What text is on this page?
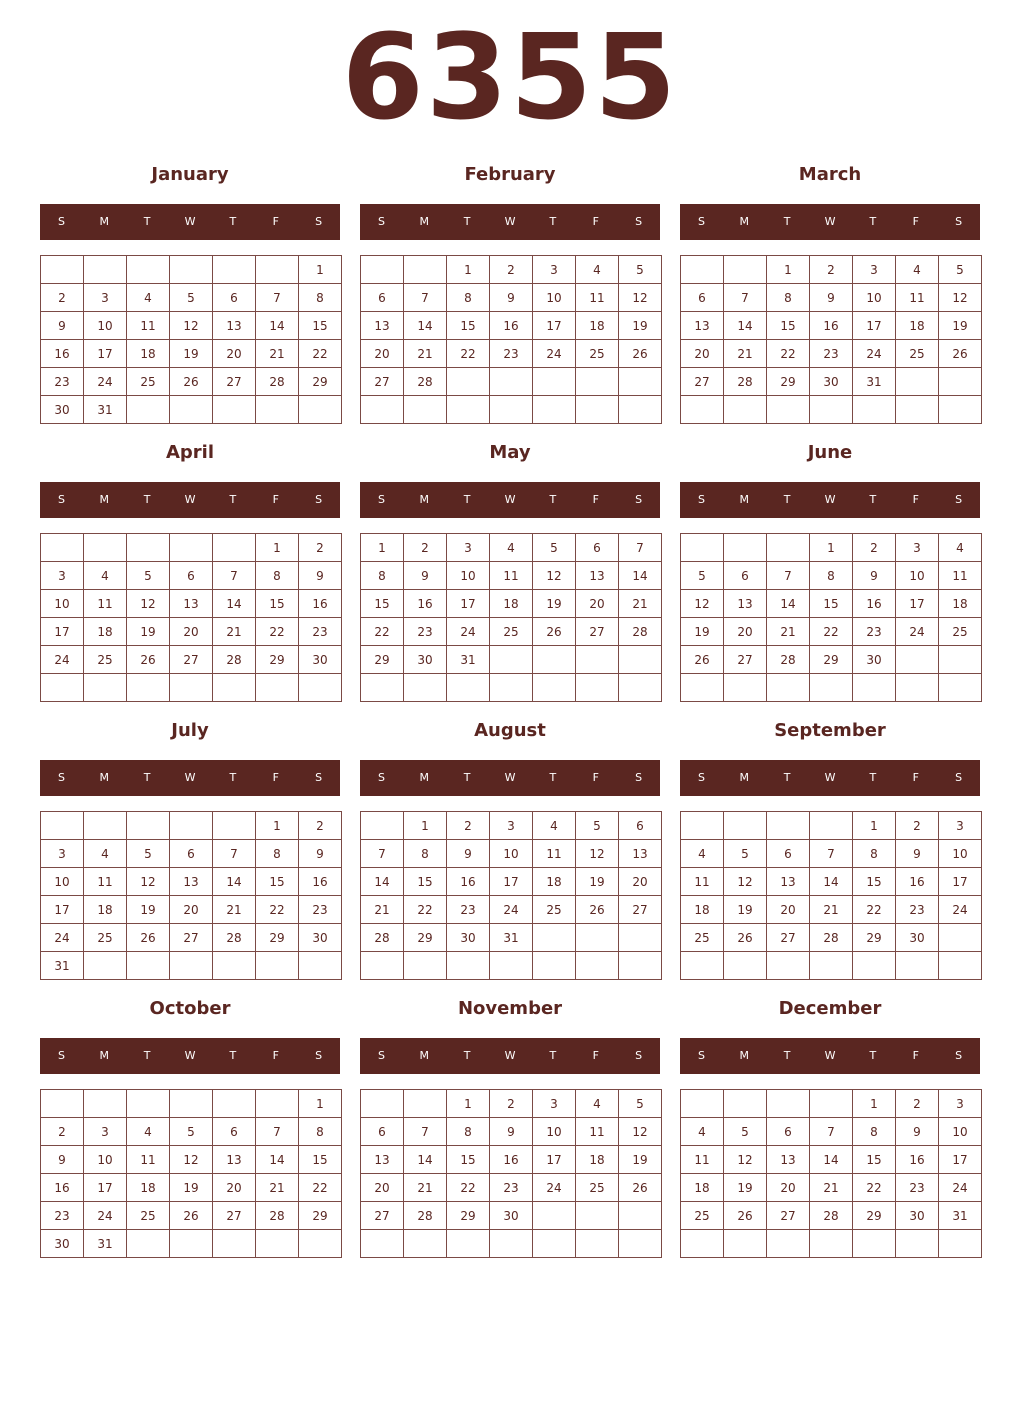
6355
January
S	M	T	W	T	F	S
						1
2	3	4	5	6	7	8
9	10	11	12	13	14	15
16	17	18	19	20	21	22
23	24	25	26	27	28	29
30	31					
February
S	M	T	W	T	F	S
		1	2	3	4	5
6	7	8	9	10	11	12
13	14	15	16	17	18	19
20	21	22	23	24	25	26
27	28					

March
S	M	T	W	T	F	S
		1	2	3	4	5
6	7	8	9	10	11	12
13	14	15	16	17	18	19
20	21	22	23	24	25	26
27	28	29	30	31		

April
S	M	T	W	T	F	S
					1	2
3	4	5	6	7	8	9
10	11	12	13	14	15	16
17	18	19	20	21	22	23
24	25	26	27	28	29	30

May
S	M	T	W	T	F	S
1	2	3	4	5	6	7
8	9	10	11	12	13	14
15	16	17	18	19	20	21
22	23	24	25	26	27	28
29	30	31				

June
S	M	T	W	T	F	S
			1	2	3	4
5	6	7	8	9	10	11
12	13	14	15	16	17	18
19	20	21	22	23	24	25
26	27	28	29	30		

July
S	M	T	W	T	F	S
					1	2
3	4	5	6	7	8	9
10	11	12	13	14	15	16
17	18	19	20	21	22	23
24	25	26	27	28	29	30
31						
August
S	M	T	W	T	F	S
	1	2	3	4	5	6
7	8	9	10	11	12	13
14	15	16	17	18	19	20
21	22	23	24	25	26	27
28	29	30	31			

September
S	M	T	W	T	F	S
				1	2	3
4	5	6	7	8	9	10
11	12	13	14	15	16	17
18	19	20	21	22	23	24
25	26	27	28	29	30	

October
S	M	T	W	T	F	S
						1
2	3	4	5	6	7	8
9	10	11	12	13	14	15
16	17	18	19	20	21	22
23	24	25	26	27	28	29
30	31					
November
S	M	T	W	T	F	S
		1	2	3	4	5
6	7	8	9	10	11	12
13	14	15	16	17	18	19
20	21	22	23	24	25	26
27	28	29	30			

December
S	M	T	W	T	F	S
				1	2	3
4	5	6	7	8	9	10
11	12	13	14	15	16	17
18	19	20	21	22	23	24
25	26	27	28	29	30	31
